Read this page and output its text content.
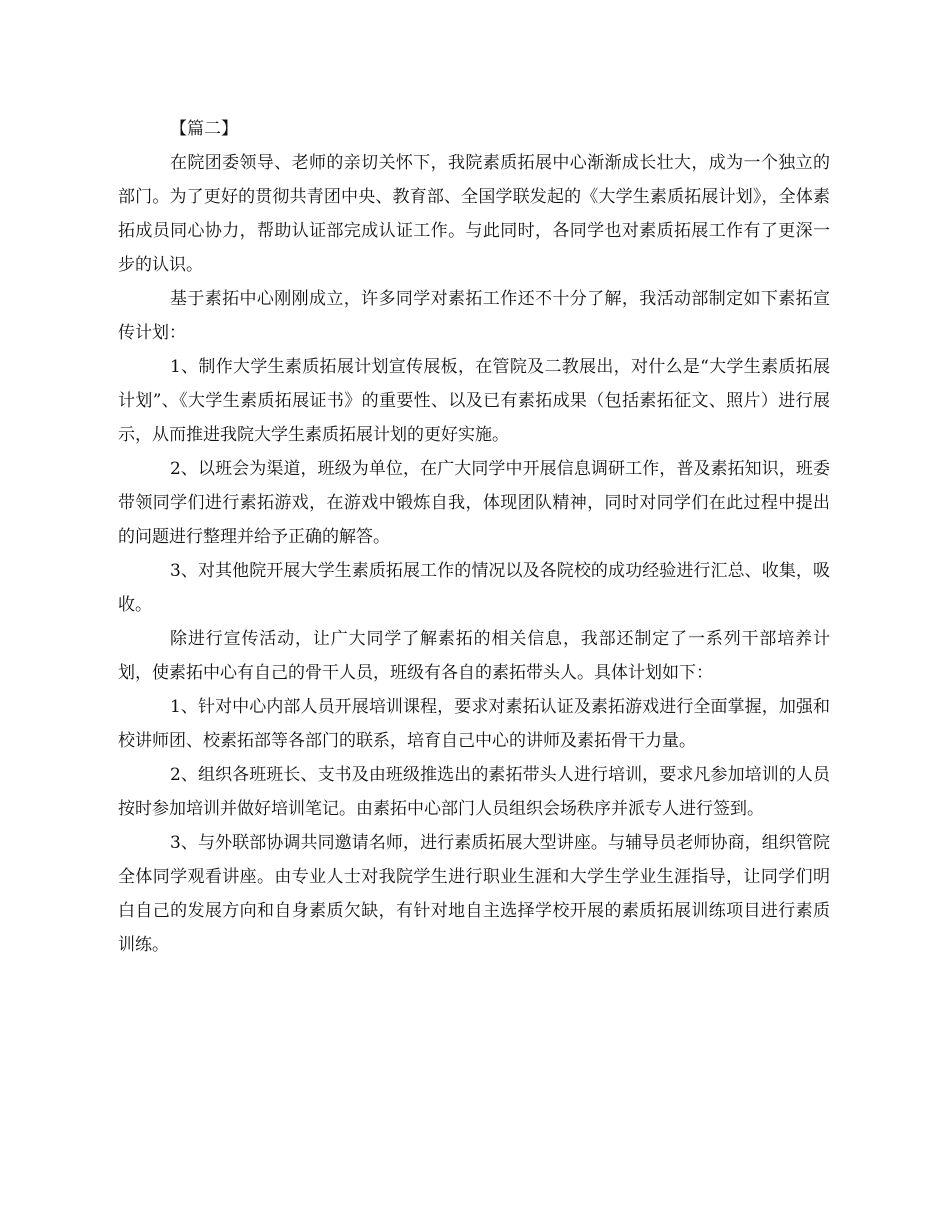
【篇二】

在院团委领导、老师的亲切关怀下，我院素质拓展中心渐渐成长壮大，成为一个独立的部门。为了更好的贯彻共青团中央、教育部、全国学联发起的《大学生素质拓展计划》，全体素拓成员同心协力，帮助认证部完成认证工作。与此同时，各同学也对素质拓展工作有了更深一步的认识。

基于素拓中心刚刚成立，许多同学对素拓工作还不十分了解，我活动部制定如下素拓宣传计划：

1、制作大学生素质拓展计划宣传展板，在管院及二教展出，对什么是“大学生素质拓展计划”、《大学生素质拓展证书》的重要性、以及已有素拓成果（包括素拓征文、照片）进行展示，从而推进我院大学生素质拓展计划的更好实施。

2、以班会为渠道，班级为单位，在广大同学中开展信息调研工作，普及素拓知识，班委带领同学们进行素拓游戏，在游戏中锻炼自我，体现团队精神，同时对同学们在此过程中提出的问题进行整理并给予正确的解答。

3、对其他院开展大学生素质拓展工作的情况以及各院校的成功经验进行汇总、收集，吸收。

除进行宣传活动，让广大同学了解素拓的相关信息，我部还制定了一系列干部培养计划，使素拓中心有自己的骨干人员，班级有各自的素拓带头人。具体计划如下：

1、针对中心内部人员开展培训课程，要求对素拓认证及素拓游戏进行全面掌握，加强和校讲师团、校素拓部等各部门的联系，培育自己中心的讲师及素拓骨干力量。

2、组织各班班长、支书及由班级推选出的素拓带头人进行培训，要求凡参加培训的人员按时参加培训并做好培训笔记。由素拓中心部门人员组织会场秩序并派专人进行签到。

3、与外联部协调共同邀请名师，进行素质拓展大型讲座。与辅导员老师协商，组织管院全体同学观看讲座。由专业人士对我院学生进行职业生涯和大学生学业生涯指导，让同学们明白自己的发展方向和自身素质欠缺，有针对地自主选择学校开展的素质拓展训练项目进行素质训练。
